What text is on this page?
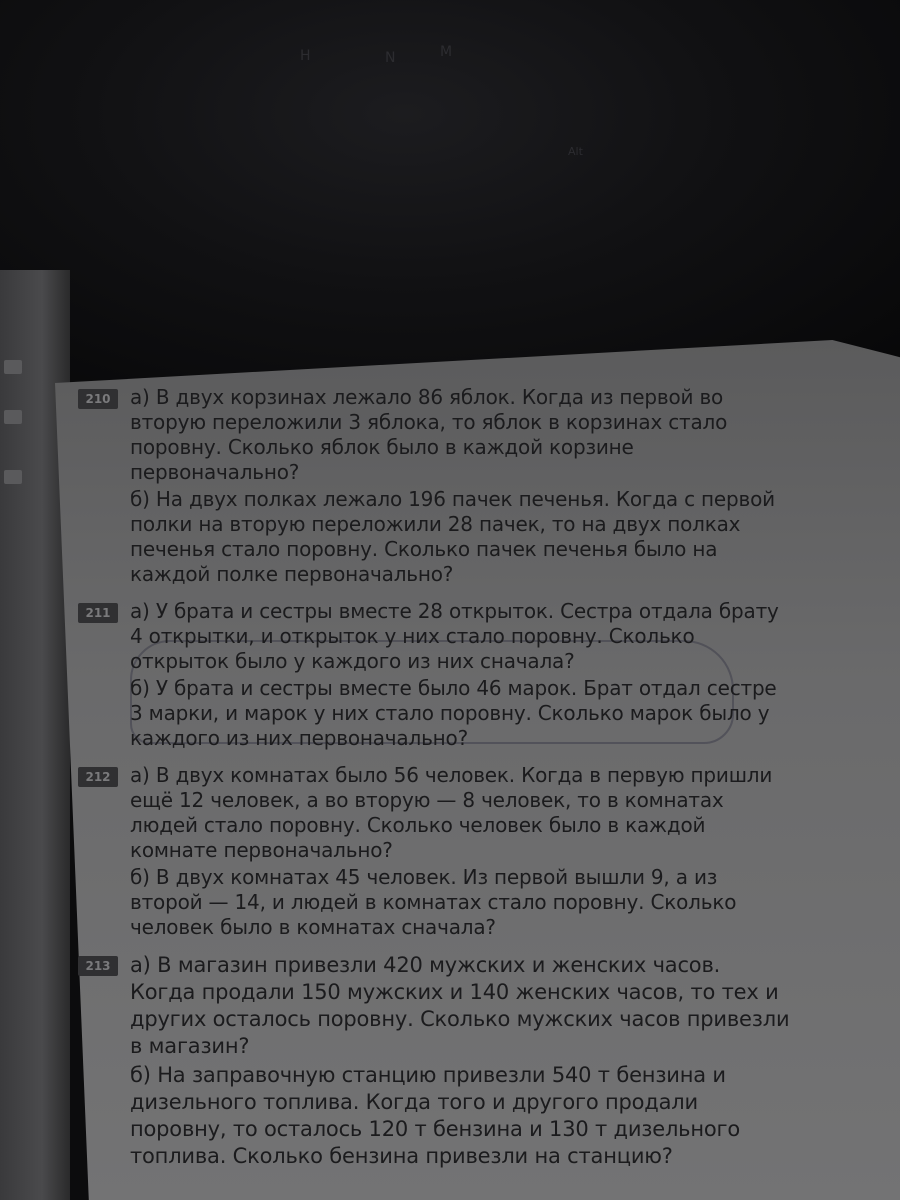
H	N	M
Alt
210 а) В двух корзинах лежало 86 яблок. Когда из первой во вторую переложили 3 яблока, то яблок в корзинах стало поровну. Сколько яблок было в каждой корзине первоначально?

б) На двух полках лежало 196 пачек печенья. Когда с первой полки на вторую переложили 28 пачек, то на двух полках печенья стало поровну. Сколько пачек печенья было на каждой полке первоначально?

211 а) У брата и сестры вместе 28 открыток. Сестра отдала брату 4 открытки, и открыток у них стало поровну. Сколько открыток было у каждого из них сначала?

б) У брата и сестры вместе было 46 марок. Брат отдал сестре 3 марки, и марок у них стало поровну. Сколько марок было у каждого из них первоначально?

212 а) В двух комнатах было 56 человек. Когда в первую пришли ещё 12 человек, а во вторую — 8 человек, то в комнатах людей стало поровну. Сколько человек было в каждой комнате первоначально?

б) В двух комнатах 45 человек. Из первой вышли 9, а из второй — 14, и людей в комнатах стало поровну. Сколько человек было в комнатах сначала?

213 а) В магазин привезли 420 мужских и женских часов. Когда продали 150 мужских и 140 женских часов, то тех и других осталось поровну. Сколько мужских часов привезли в магазин?

б) На заправочную станцию привезли 540 т бензина и дизельного топлива. Когда того и другого продали поровну, то осталось 120 т бензина и 130 т дизельного топлива. Сколько бензина привезли на станцию?
